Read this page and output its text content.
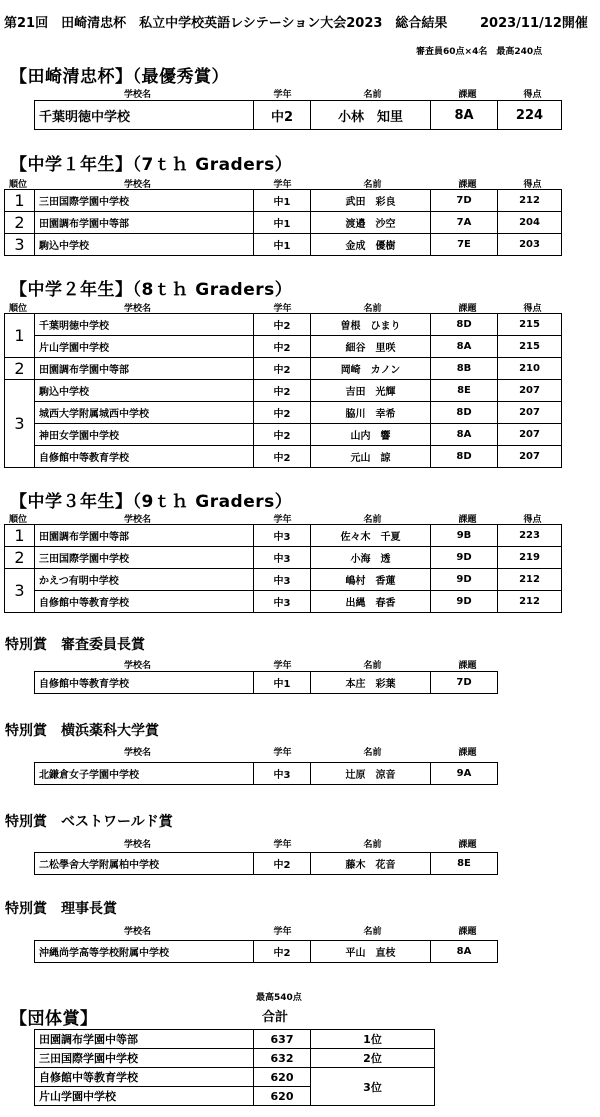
第21回　田崎清忠杯　私立中学校英語レシテーション大会2023　総合結果	2023/11/12開催
審査員60点×4名　最高240点
【田崎清忠杯】（最優秀賞）
学校名	学年	名前	課題	得点
千葉明徳中学校	中2	小林　知里	8A	224
【中学１年生】（7ｔｈ Graders）
順位	学校名	学年	名前	課題	得点
1	三田国際学園中学校	中1	武田　彩良	7D	212
2	田園調布学園中等部	中1	渡邉　沙空	7A	204
3	駒込中学校	中1	金成　優樹	7E	203
【中学２年生】（8ｔｈ Graders）
順位	学校名	学年	名前	課題	得点
1	千葉明徳中学校	中2	曽根　ひまり	8D	215
	片山学園中学校	中2	細谷　里咲	8A	215
2	田園調布学園中等部	中2	岡崎　カノン	8B	210
3	駒込中学校	中2	吉田　光輝	8E	207
	城西大学附属城西中学校	中2	脇川　幸希	8D	207
	神田女学園中学校	中2	山内　響	8A	207
	自修館中等教育学校	中2	元山　諒	8D	207
【中学３年生】（9ｔｈ Graders）
順位	学校名	学年	名前	課題	得点
1	田園調布学園中等部	中3	佐々木　千夏	9B	223
2	三田国際学園中学校	中3	小海　透	9D	219
3	かえつ有明中学校	中3	嶋村　香蓮	9D	212
	自修館中等教育学校	中3	出縄　春香	9D	212
特別賞　審査委員長賞
学校名	学年	名前	課題
自修館中等教育学校	中1	本庄　彩葉	7D
特別賞　横浜薬科大学賞
学校名	学年	名前	課題
北鎌倉女子学園中学校	中3	辻原　涼音	9A
特別賞　ベストワールド賞
学校名	学年	名前	課題
二松學舍大学附属柏中学校	中2	藤木　花音	8E
特別賞　理事長賞
学校名	学年	名前	課題
沖縄尚学高等学校附属中学校	中2	平山　直枝	8A
最高540点
【団体賞】	合計
田園調布学園中等部	637	1位
三田国際学園中学校	632	2位
自修館中等教育学校	620	3位
片山学園中学校	620	
